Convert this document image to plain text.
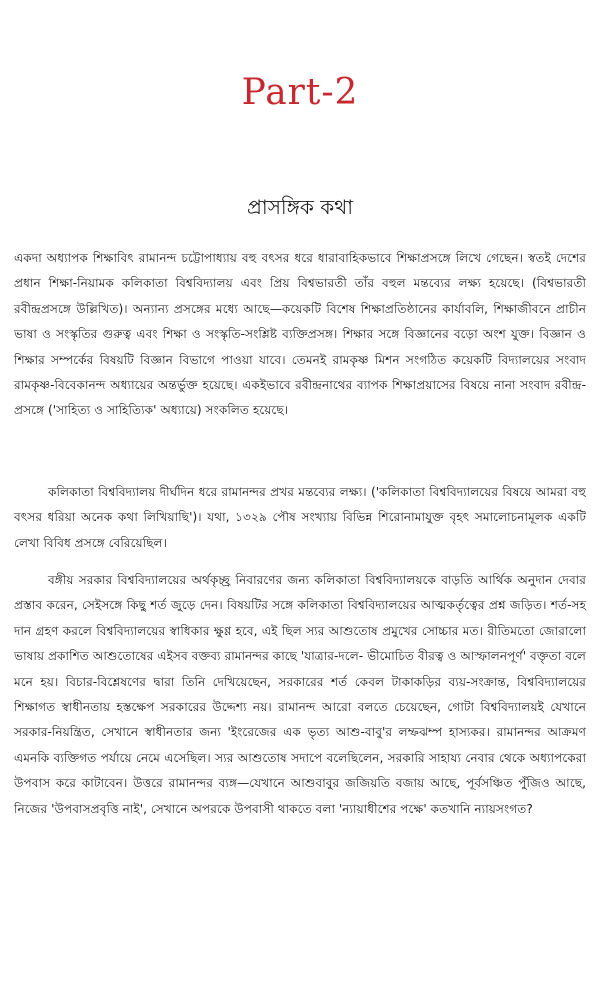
Part-2
প্রাসঙ্গিক কথা
একদা অধ্যাপক শিক্ষাবিৎ রামানন্দ চট্টোপাধ্যায় বহু বৎসর ধরে ধারাবাহিকভাবে শিক্ষাপ্রসঙ্গে লিখে গেছেন। স্বতই দেশের প্রধান শিক্ষা-নিয়ামক কলিকাতা বিশ্ববিদ্যালয় এবং প্রিয় বিশ্বভারতী তাঁর বহুল মন্তব্যের লক্ষ্য হয়েছে। (বিশ্বভারতী রবীন্দ্রপ্রসঙ্গে উল্লিখিত)। অন্যান্য প্রসঙ্গের মধ্যে আছে—কয়েকটি বিশেষ শিক্ষাপ্রতিষ্ঠানের কার্যাবলি, শিক্ষাজীবনে প্রাচীন ভাষা ও সংস্কৃতির গুরুত্ব এবং শিক্ষা ও সংস্কৃতি-সংশ্লিষ্ট ব্যক্তিপ্রসঙ্গ। শিক্ষার সঙ্গে বিজ্ঞানের বড়ো অংশ যুক্ত। বিজ্ঞান ও শিক্ষার সম্পর্কের বিষয়টি বিজ্ঞান বিভাগে পাওয়া যাবে। তেমনই রামকৃষ্ণ মিশন সংগঠিত কয়েকটি বিদ্যালয়ের সংবাদ রামকৃষ্ণ-বিবেকানন্দ অধ্যায়ের অন্তর্ভুক্ত হয়েছে। একইভাবে রবীন্দ্রনাথের ব্যাপক শিক্ষাপ্রয়াসের বিষয়ে নানা সংবাদ রবীন্দ্র-প্রসঙ্গে ('সাহিত্য ও সাহিত্যিক' অধ্যায়ে) সংকলিত হয়েছে।
কলিকাতা বিশ্ববিদ্যালয় দীর্ঘদিন ধরে রামানন্দর প্রখর মন্তব্যের লক্ষ্য। ('কলিকাতা বিশ্ববিদ্যালয়ের বিষয়ে আমরা বহু বৎসর ধরিয়া অনেক কথা লিখিয়াছি')। যথা, ১৩২৯ পৌষ সংখ্যায় বিভিন্ন শিরোনামাযুক্ত বৃহৎ সমালোচনামূলক একটি লেখা বিবিধ প্রসঙ্গে বেরিয়েছিল।
বঙ্গীয় সরকার বিশ্ববিদ্যালয়ের অর্থকৃচ্ছ্র নিবারণের জন্য কলিকাতা বিশ্ববিদ্যালয়কে বাড়তি আর্থিক অনুদান দেবার প্রস্তাব করেন, সেইসঙ্গে কিছু শর্ত জুড়ে দেন। বিষয়টির সঙ্গে কলিকাতা বিশ্ববিদ্যালয়ের আত্মকর্তৃত্বের প্রশ্ন জড়িত। শর্ত-সহ দান গ্রহণ করলে বিশ্ববিদ্যালয়ের স্বাধিকার ক্ষুণ্ণ হবে, এই ছিল স্যর আশুতোষ প্রমুখের সোচ্চার মত। রীতিমতো জোরালো ভাষায় প্রকাশিত আশুতোষের এইসব বক্তব্য রামানন্দর কাছে 'যাত্রার-দলে- ভীমোচিত বীরত্ব ও আস্ফালনপূর্ণ' বক্তৃতা বলে মনে হয়। বিচার-বিশ্লেষণের দ্বারা তিনি দেখিয়েছেন, সরকারের শর্ত কেবল টাকাকড়ির ব্যয়-সংক্রান্ত, বিশ্ববিদ্যালয়ের শিক্ষাগত স্বাধীনতায় হস্তক্ষেপ সরকারের উদ্দেশ্য নয়। রামানন্দ আরো বলতে চেয়েছেন, গোটা বিশ্ববিদ্যালয়ই যেখানে সরকার-নিয়ন্ত্রিত, সেখানে স্বাধীনতার জন্য 'ইংরেজের এক ভৃত্য আশু-বাবু'র লম্ফঝম্প হাস্যকর। রামানন্দর আক্রমণ এমনকি ব্যক্তিগত পর্যায়ে নেমে এসেছিল। স্যর আশুতোষ সদাপে বলেছিলেন, সরকারি সাহায্য নেবার থেকে অধ্যাপকেরা উপবাস করে কাটাবেন। উত্তরে রামানন্দর ব্যঙ্গ—যেখানে আশুবাবুর জজিয়তি বজায় আছে, পূর্বসঞ্চিত পুঁজিও আছে, নিজের 'উপবাসপ্রবৃত্তি নাই', সেখানে অপরকে উপবাসী থাকতে বলা 'ন্যায়াধীশের পক্ষে' কতখানি ন্যায়সংগত?
